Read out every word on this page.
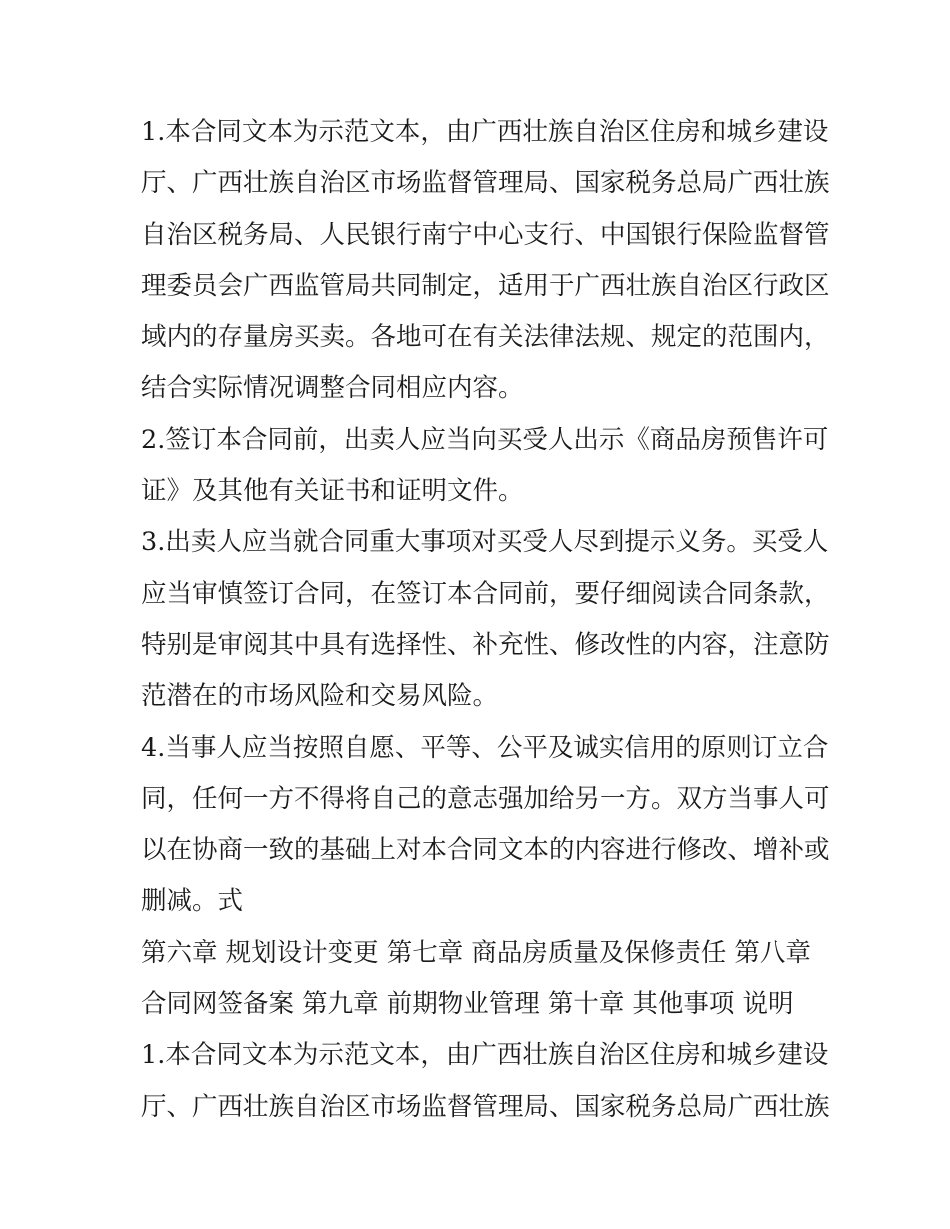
1.本合同文本为示范文本，由广西壮族自治区住房和城乡建设
厅、广西壮族自治区市场监督管理局、国家税务总局广西壮族
自治区税务局、人民银行南宁中心支行、中国银行保险监督管
理委员会广西监管局共同制定，适用于广西壮族自治区行政区
域内的存量房买卖。各地可在有关法律法规、规定的范围内，
结合实际情况调整合同相应内容。
2.签订本合同前，出卖人应当向买受人出示《商品房预售许可
证》及其他有关证书和证明文件。
3.出卖人应当就合同重大事项对买受人尽到提示义务。买受人
应当审慎签订合同，在签订本合同前，要仔细阅读合同条款，
特别是审阅其中具有选择性、补充性、修改性的内容，注意防
范潜在的市场风险和交易风险。
4.当事人应当按照自愿、平等、公平及诚实信用的原则订立合
同，任何一方不得将自己的意志强加给另一方。双方当事人可
以在协商一致的基础上对本合同文本的内容进行修改、增补或
删减。式
第六章 规划设计变更 第七章 商品房质量及保修责任 第八章
合同网签备案 第九章 前期物业管理 第十章 其他事项 说明
1.本合同文本为示范文本，由广西壮族自治区住房和城乡建设
厅、广西壮族自治区市场监督管理局、国家税务总局广西壮族
